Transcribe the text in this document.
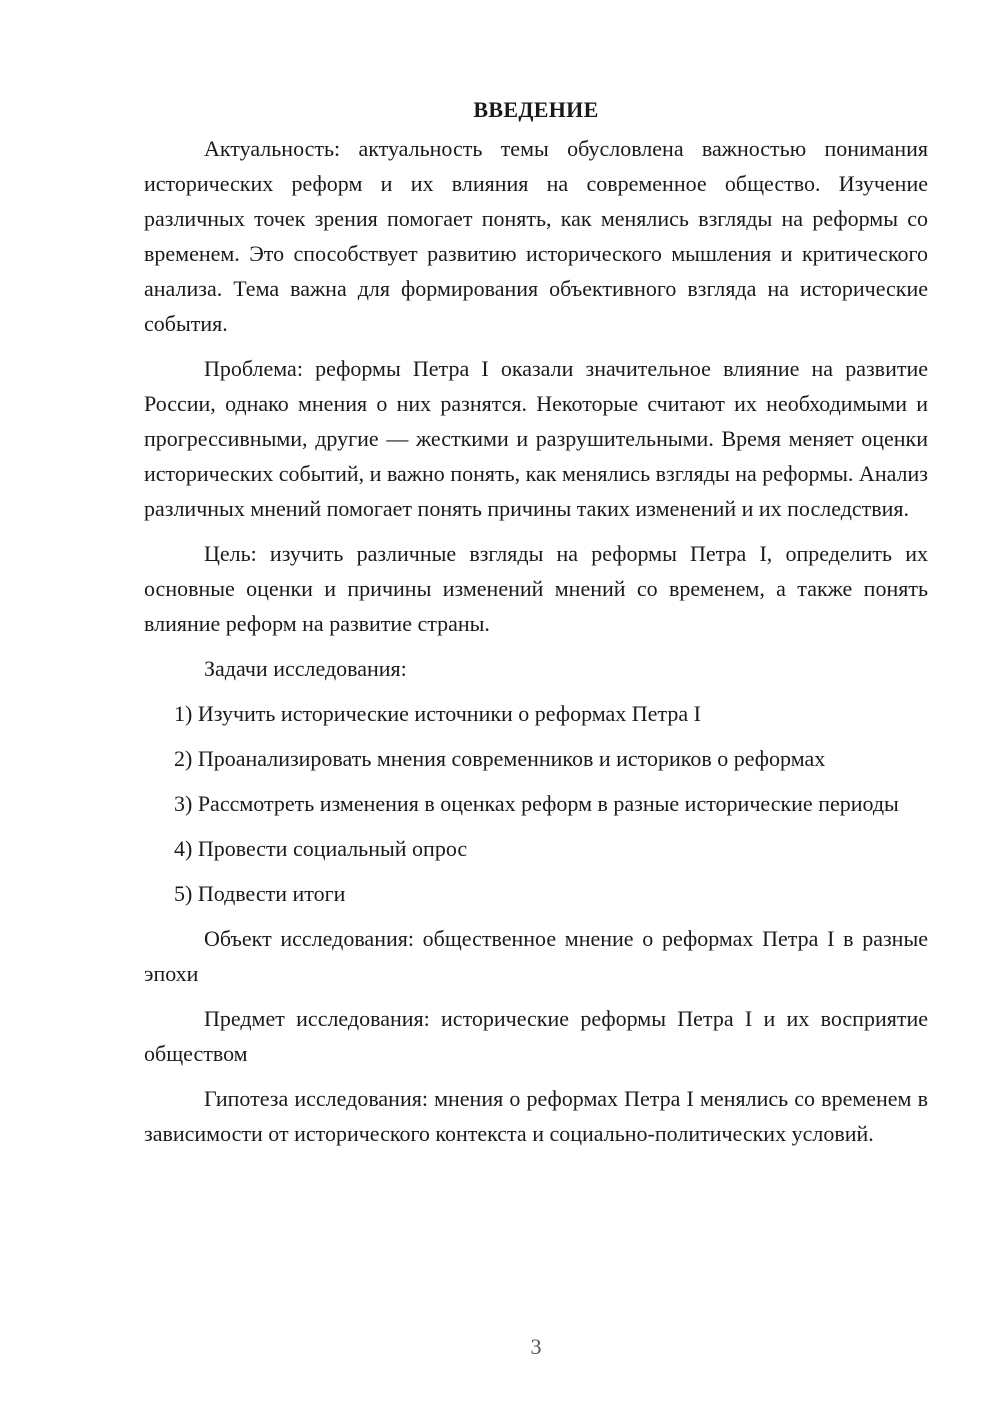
ВВЕДЕНИЕ

Актуальность: актуальность темы обусловлена важностью понимания исторических реформ и их влияния на современное общество. Изучение различных точек зрения помогает понять, как менялись взгляды на реформы со временем. Это способствует развитию исторического мышления и критического анализа. Тема важна для формирования объективного взгляда на исторические события.

Проблема: реформы Петра I оказали значительное влияние на развитие России, однако мнения о них разнятся. Некоторые считают их необходимыми и прогрессивными, другие — жесткими и разрушительными. Время меняет оценки исторических событий, и важно понять, как менялись взгляды на реформы. Анализ различных мнений помогает понять причины таких изменений и их последствия.

Цель: изучить различные взгляды на реформы Петра I, определить их основные оценки и причины изменений мнений со временем, а также понять влияние реформ на развитие страны.

Задачи исследования:

1) Изучить исторические источники о реформах Петра I

2) Проанализировать мнения современников и историков о реформах

3) Рассмотреть изменения в оценках реформ в разные исторические периоды

4) Провести социальный опрос

5) Подвести итоги

Объект исследования: общественное мнение о реформах Петра I в разные эпохи

Предмет исследования: исторические реформы Петра I и их восприятие обществом

Гипотеза исследования: мнения о реформах Петра I менялись со временем в зависимости от исторического контекста и социально-политических условий.

3
